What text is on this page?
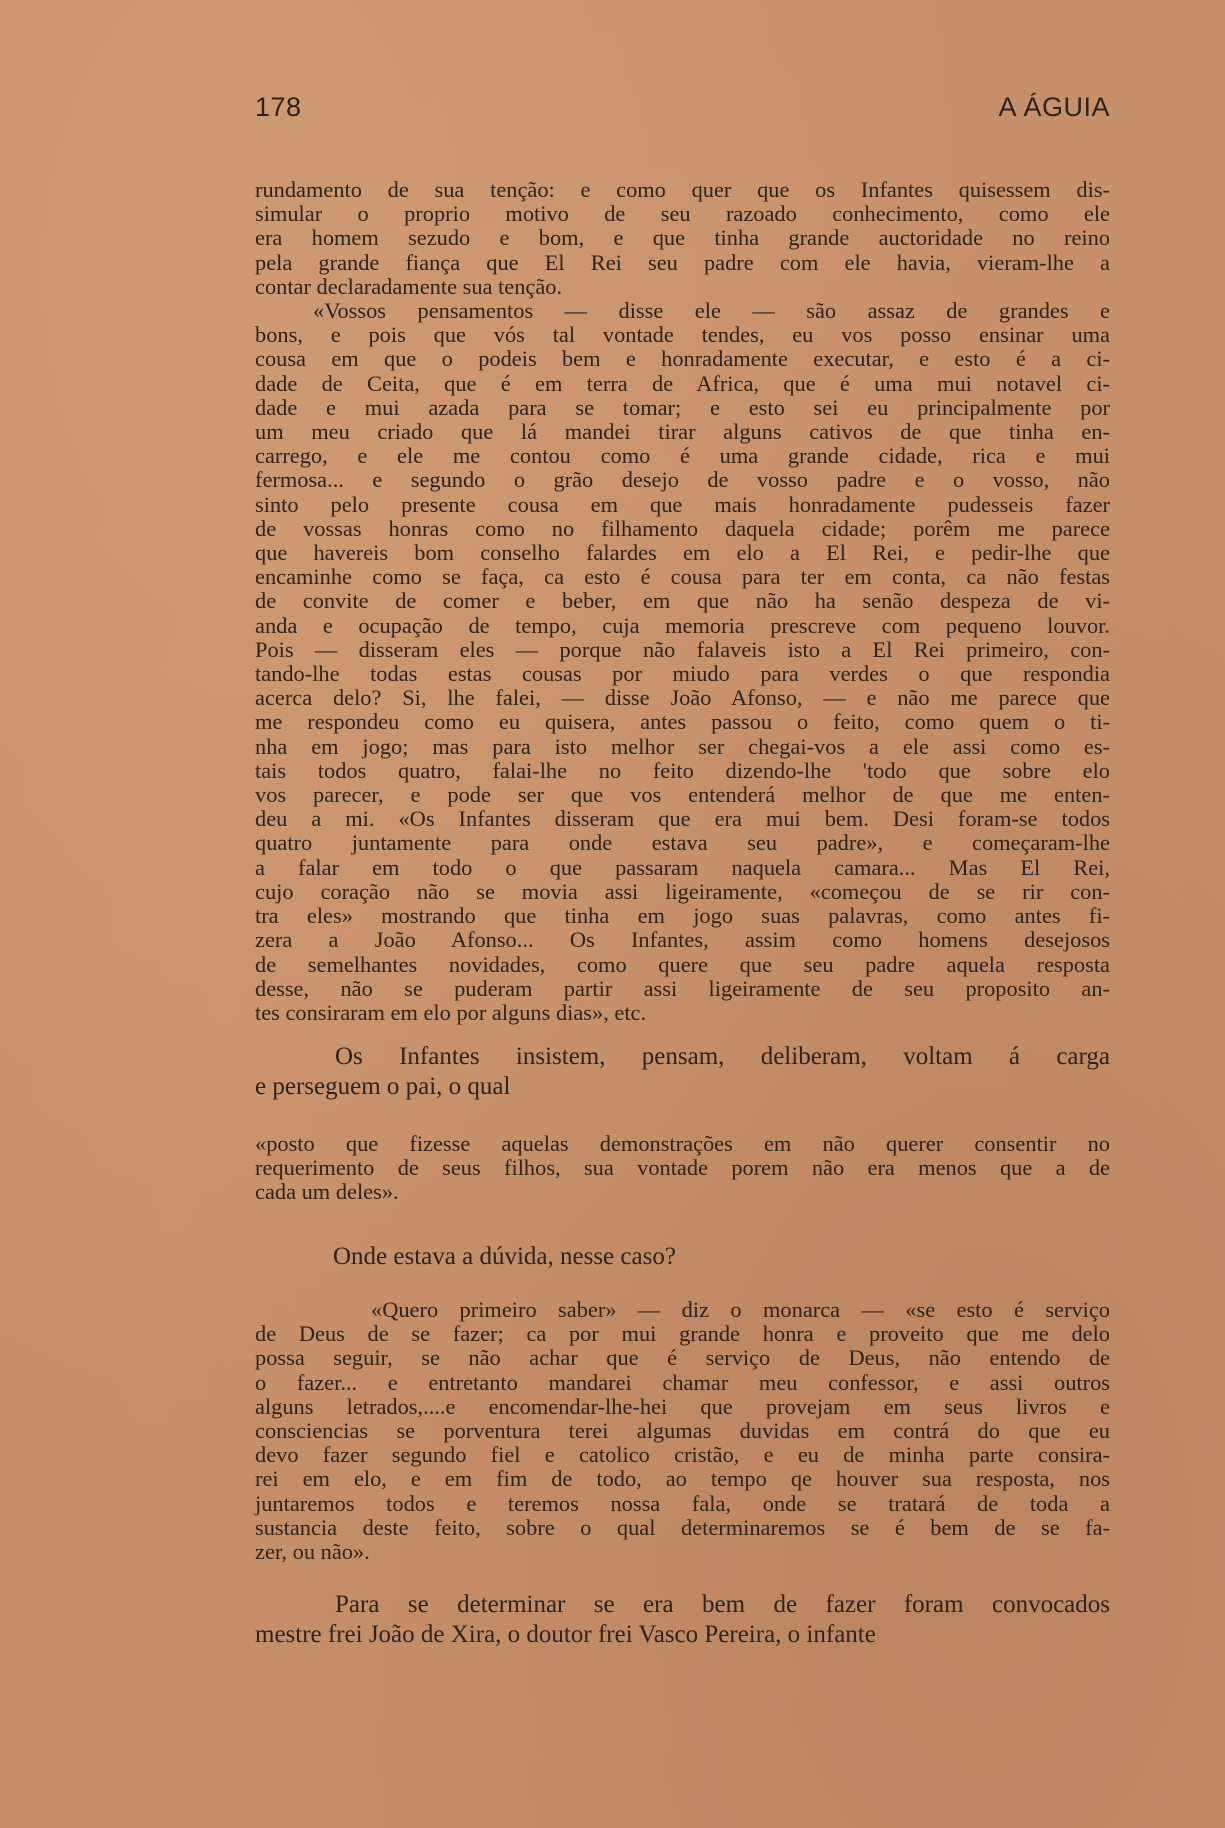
178	A ÁGUIA
rundamento de sua tenção: e como quer que os Infantes quisessem dis-
simular o proprio motivo de seu razoado conhecimento, como ele
era homem sezudo e bom, e que tinha grande auctoridade no reino
pela grande fiança que El Rei seu padre com ele havia, vieram-lhe a
contar declaradamente sua tenção.
«Vossos pensamentos — disse ele — são assaz de grandes e
bons, e pois que vós tal vontade tendes, eu vos posso ensinar uma
cousa em que o podeis bem e honradamente executar, e esto é a ci-
dade de Ceita, que é em terra de Africa, que é uma mui notavel ci-
dade e mui azada para se tomar; e esto sei eu principalmente por
um meu criado que lá mandei tirar alguns cativos de que tinha en-
carrego, e ele me contou como é uma grande cidade, rica e mui
fermosa... e segundo o grão desejo de vosso padre e o vosso, não
sinto pelo presente cousa em que mais honradamente pudesseis fazer
de vossas honras como no filhamento daquela cidade; porêm me parece
que havereis bom conselho falardes em elo a El Rei, e pedir-lhe que
encaminhe como se faça, ca esto é cousa para ter em conta, ca não festas
de convite de comer e beber, em que não ha senão despeza de vi-
anda e ocupação de tempo, cuja memoria prescreve com pequeno louvor.
Pois — disseram eles — porque não falaveis isto a El Rei primeiro, con-
tando-lhe todas estas cousas por miudo para verdes o que respondia
acerca delo? Si, lhe falei, — disse João Afonso, — e não me parece que
me respondeu como eu quisera, antes passou o feito, como quem o ti-
nha em jogo; mas para isto melhor ser chegai-vos a ele assi como es-
tais todos quatro, falai-lhe no feito dizendo-lhe 'todo que sobre elo
vos parecer, e pode ser que vos entenderá melhor de que me enten-
deu a mi. «Os Infantes disseram que era mui bem. Desi foram-se todos
quatro juntamente para onde estava seu padre», e começaram-lhe
a falar em todo o que passaram naquela camara... Mas El Rei,
cujo coração não se movia assi ligeiramente, «começou de se rir con-
tra eles» mostrando que tinha em jogo suas palavras, como antes fi-
zera a João Afonso... Os Infantes, assim como homens desejosos
de semelhantes novidades, como quere que seu padre aquela resposta
desse, não se puderam partir assi ligeiramente de seu proposito an-
tes consiraram em elo por alguns dias», etc.
Os Infantes insistem, pensam, deliberam, voltam á carga
e perseguem o pai, o qual
«posto que fizesse aquelas demonstrações em não querer consentir no
requerimento de seus filhos, sua vontade porem não era menos que a de
cada um deles».
Onde estava a dúvida, nesse caso?
«Quero primeiro saber» — diz o monarca — «se esto é serviço
de Deus de se fazer; ca por mui grande honra e proveito que me delo
possa seguir, se não achar que é serviço de Deus, não entendo de
o fazer... e entretanto mandarei chamar meu confessor, e assi outros
alguns letrados,....e encomendar-lhe-hei que provejam em seus livros e
consciencias se porventura terei algumas duvidas em contrá do que eu
devo fazer segundo fiel e catolico cristão, e eu de minha parte consira-
rei em elo, e em fim de todo, ao tempo qe houver sua resposta, nos
juntaremos todos e teremos nossa fala, onde se tratará de toda a
sustancia deste feito, sobre o qual determinaremos se é bem de se fa-
zer, ou não».
Para se determinar se era bem de fazer foram convocados
mestre frei João de Xira, o doutor frei Vasco Pereira, o infante
